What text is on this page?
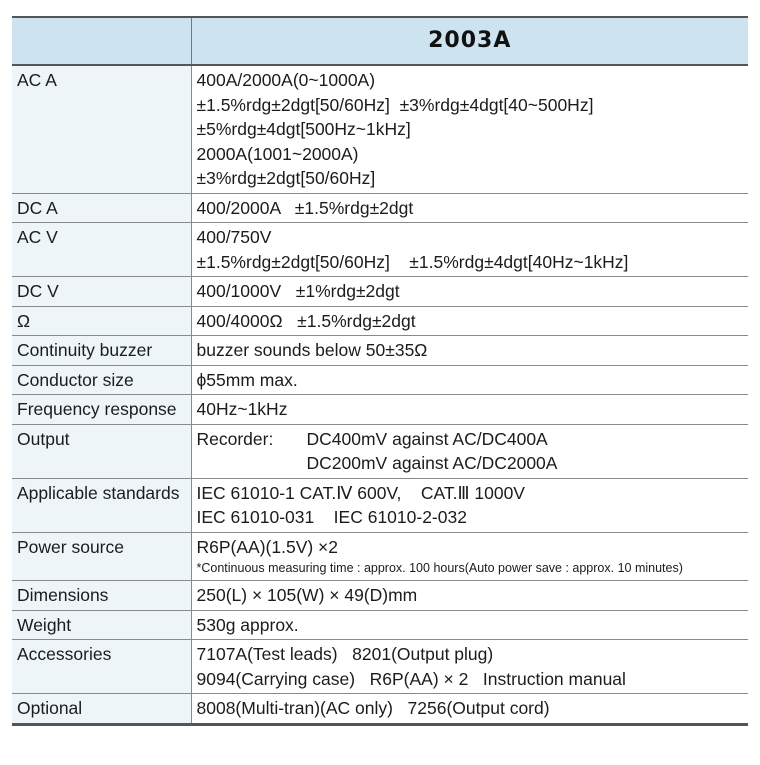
	2003A
AC A	400A/2000A(0~1000A)
±1.5%rdg±2dgt[50/60Hz]  ±3%rdg±4dgt[40~500Hz]
±5%rdg±4dgt[500Hz~1kHz]
2000A(1001~2000A)
±3%rdg±2dgt[50/60Hz]

DC A	400/2000A   ±1.5%rdg±2dgt

AC V	400/750V
±1.5%rdg±2dgt[50/60Hz]    ±1.5%rdg±4dgt[40Hz~1kHz]

DC V	400/1000V   ±1%rdg±2dgt

Ω	400/4000Ω   ±1.5%rdg±2dgt

Continuity buzzer	buzzer sounds below 50±35Ω

Conductor size	ϕ55mm max.

Frequency response	40Hz~1kHz

Output	Recorder: DC400mV against AC/DC400A
DC200mV against AC/DC2000A

Applicable standards	IEC 61010-1 CAT.Ⅳ 600V,    CAT.Ⅲ 1000V
IEC 61010-031    IEC 61010-2-032

Power source	R6P(AA)(1.5V) ×2
*Continuous measuring time : approx. 100 hours(Auto power save : approx. 10 minutes)

Dimensions	250(L) × 105(W) × 49(D)mm

Weight	530g approx.

Accessories	7107A(Test leads)   8201(Output plug)
9094(Carrying case)   R6P(AA) × 2   Instruction manual

Optional	8008(Multi-tran)(AC only)   7256(Output cord)
